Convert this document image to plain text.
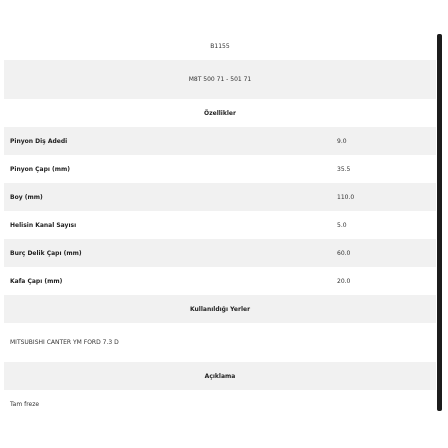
B1155
M8T 500 71 - 501 71
Özellikler
Pinyon Diş Adedi	9.0
Pinyon Çapı (mm)	35.5
Boy (mm)	110.0
Helisin Kanal Sayısı	5.0
Burç Delik Çapı (mm)	60.0
Kafa Çapı (mm)	20.0
Kullanıldığı Yerler
MITSUBISHI CANTER YM FORD 7.3 D
Açıklama
Tam freze
